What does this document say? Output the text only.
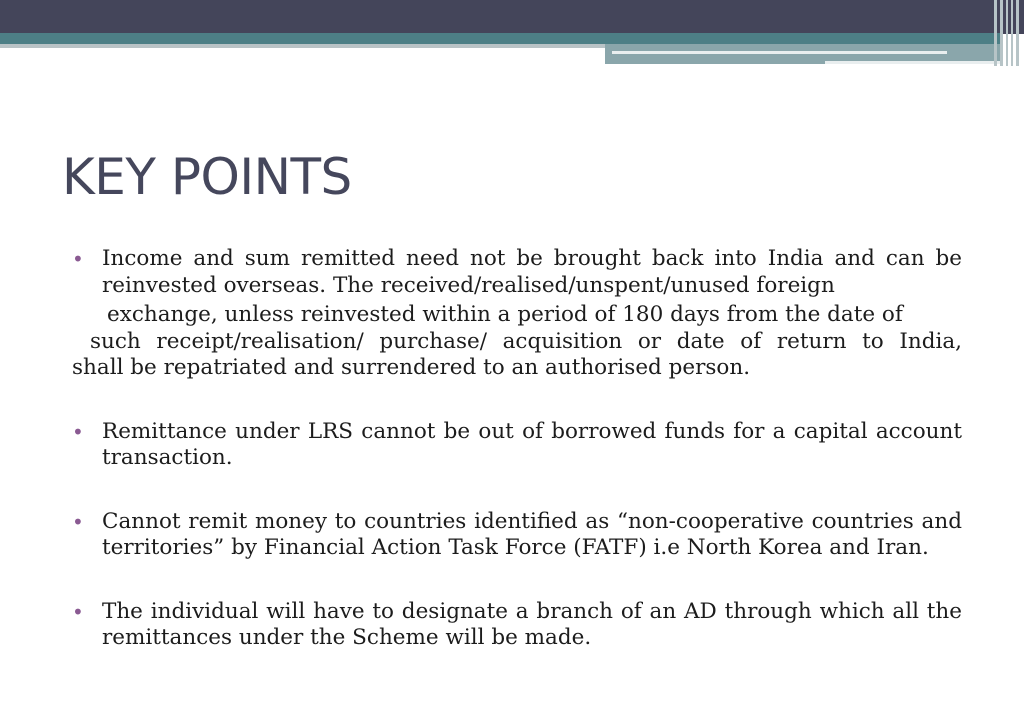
KEY POINTS
• Income and sum remitted need not be brought back into India and can be reinvested overseas. The received/realised/unspent/unused foreign
exchange, unless reinvested within a period of 180 days from the date of
such receipt/realisation/ purchase/ acquisition or date of return to India,
shall be repatriated and surrendered to an authorised person.
• Remittance under LRS cannot be out of borrowed funds for a capital account transaction.
• Cannot remit money to countries identified as “non-cooperative countries and territories” by Financial Action Task Force (FATF) i.e North Korea and Iran.
• The individual will have to designate a branch of an AD through which all the remittances under the Scheme will be made.
